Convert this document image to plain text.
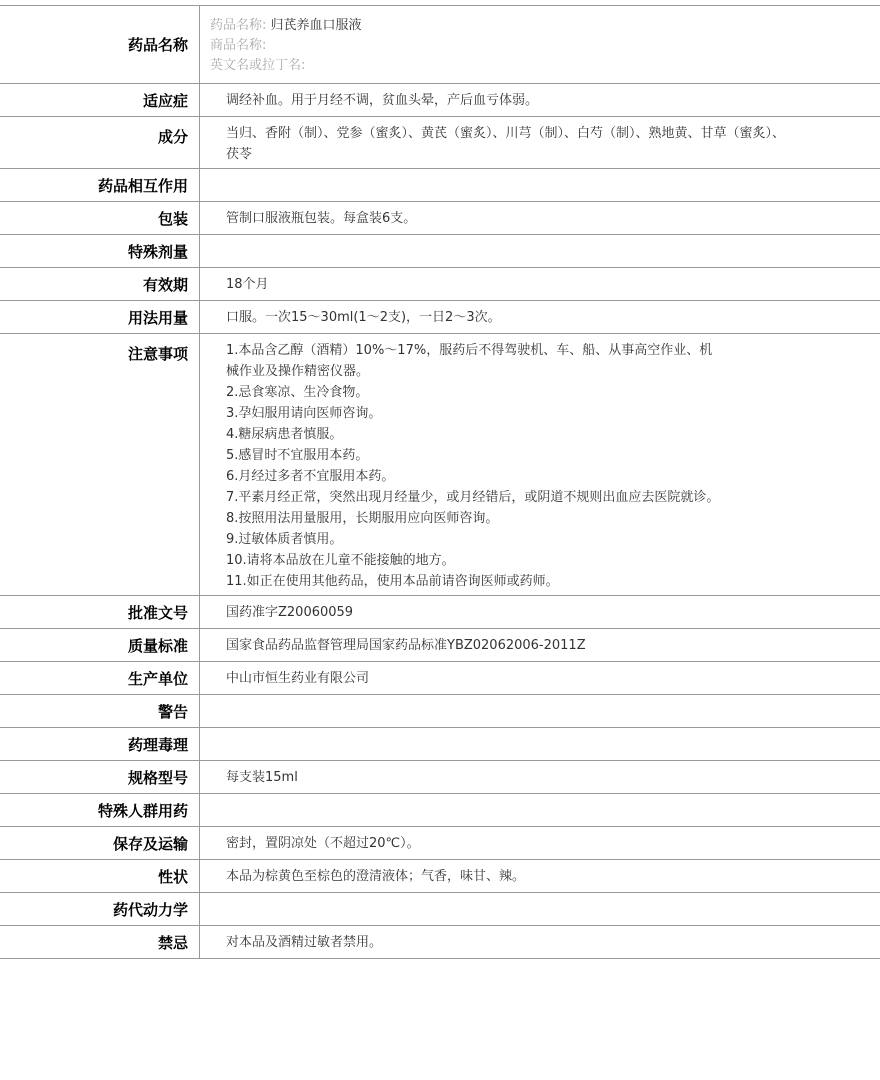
药品名称
药品名称: 归芪养血口服液
商品名称:
英文名或拉丁名:
适应症	调经补血。用于月经不调，贫血头晕，产后血亏体弱。
成分	当归、香附（制）、党参（蜜炙）、黄芪（蜜炙）、川芎（制）、白芍（制）、熟地黄、甘草（蜜炙）、茯苓
药品相互作用
包装	管制口服液瓶包装。每盒装6支。
特殊剂量
有效期	18个月
用法用量	口服。一次15～30ml(1～2支)，一日2～3次。
注意事项	1.本品含乙醇（酒精）10%～17%，服药后不得驾驶机、车、船、从事高空作业、机
械作业及操作精密仪器。
2.忌食寒凉、生冷食物。
3.孕妇服用请向医师咨询。
4.糖尿病患者慎服。
5.感冒时不宜服用本药。
6.月经过多者不宜服用本药。
7.平素月经正常，突然出现月经量少，或月经错后，或阴道不规则出血应去医院就诊。
8.按照用法用量服用，长期服用应向医师咨询。
9.过敏体质者慎用。
10.请将本品放在儿童不能接触的地方。
11.如正在使用其他药品，使用本品前请咨询医师或药师。
批准文号	国药准字Z20060059
质量标准	国家食品药品监督管理局国家药品标准YBZ02062006-2011Z
生产单位	中山市恒生药业有限公司
警告
药理毒理
规格型号	每支装15ml
特殊人群用药
保存及运输	密封，置阴凉处（不超过20℃）。
性状	本品为棕黄色至棕色的澄清液体；气香，味甘、辣。
药代动力学
禁忌	对本品及酒精过敏者禁用。
